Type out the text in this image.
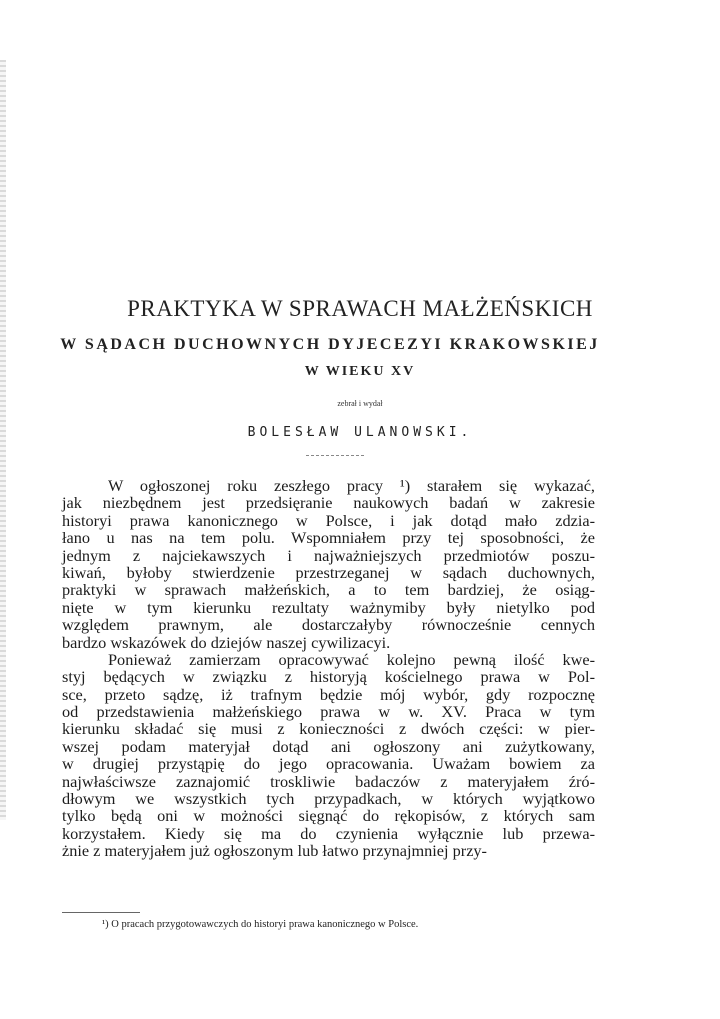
PRAKTYKA W SPRAWACH MAŁŻEŃSKICH
W SĄDACH DUCHOWNYCH DYJECEZYI KRAKOWSKIEJ
W WIEKU XV
zebrał i wydał
BOLESŁAW ULANOWSKI.
W ogłoszonej roku zeszłego pracy ¹) starałem się wykazać,
jak niezbędnem jest przedsięranie naukowych badań w zakresie
historyi prawa kanonicznego w Polsce, i jak dotąd mało zdzia-
łano u nas na tem polu. Wspomniałem przy tej sposobności, że
jednym z najciekawszych i najważniejszych przedmiotów poszu-
kiwań, byłoby stwierdzenie przestrzeganej w sądach duchownych,
praktyki w sprawach małżeńskich, a to tem bardziej, że osiąg-
nięte w tym kierunku rezultaty ważnymiby były nietylko pod
względem prawnym, ale dostarczałyby równocześnie cennych
bardzo wskazówek do dziejów naszej cywilizacyi.
Ponieważ zamierzam opracowywać kolejno pewną ilość kwe-
styj będących w związku z historyją kościelnego prawa w Pol-
sce, przeto sądzę, iż trafnym będzie mój wybór, gdy rozpocznę
od przedstawienia małżeńskiego prawa w w. XV. Praca w tym
kierunku składać się musi z konieczności z dwóch części: w pier-
wszej podam materyjał dotąd ani ogłoszony ani zużytkowany,
w drugiej przystąpię do jego opracowania. Uważam bowiem za
najwłaściwsze zaznajomić troskliwie badaczów z materyjałem źró-
dłowym we wszystkich tych przypadkach, w których wyjątkowo
tylko będą oni w możności sięgnąć do rękopisów, z których sam
korzystałem. Kiedy się ma do czynienia wyłącznie lub przewa-
żnie z materyjałem już ogłoszonym lub łatwo przynajmniej przy-
¹) O pracach przygotowawczych do historyi prawa kanonicznego w Polsce.
